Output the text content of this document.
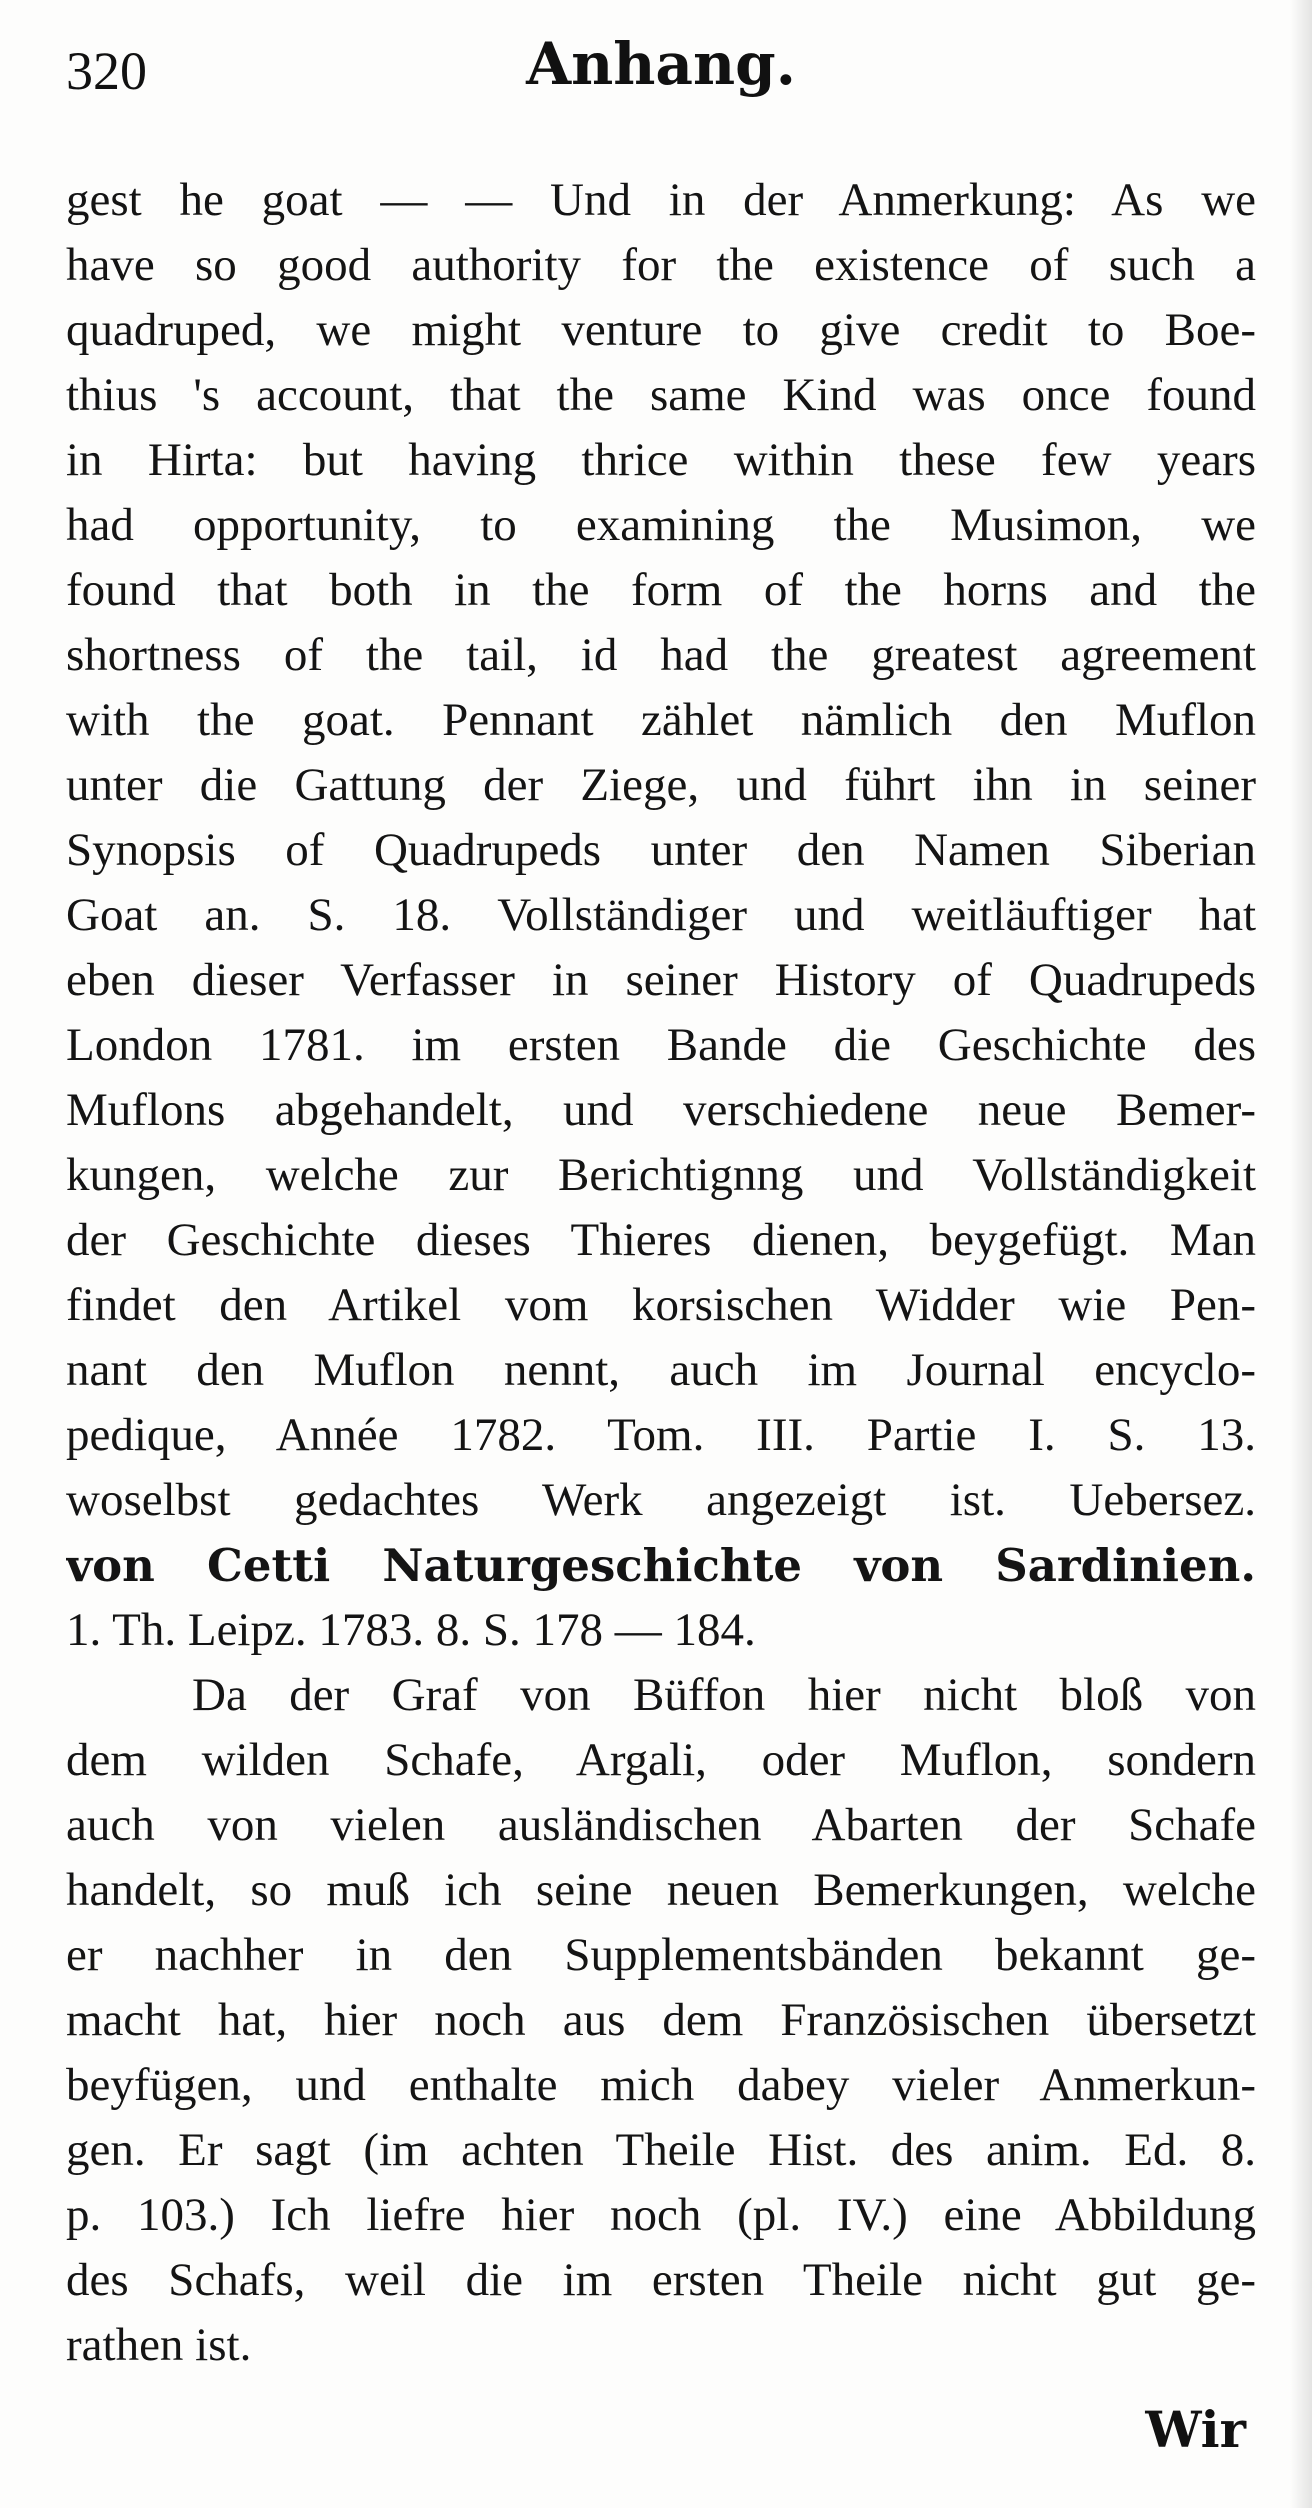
320	Anhang.
gest he goat — — Und in der Anmerkung: As we
have so good authority for the existence of such a
quadruped, we might venture to give credit to Boe-
thius 's account, that the same Kind was once found
in Hirta: but having thrice within these few years
had opportunity, to examining the Musimon, we
found that both in the form of the horns and the
shortness of the tail, id had the greatest agreement
with the goat. Pennant zählet nämlich den Muflon
unter die Gattung der Ziege, und führt ihn in seiner
Synopsis of Quadrupeds unter den Namen Siberian
Goat an. S. 18. Vollständiger und weitläuftiger hat
eben dieser Verfasser in seiner History of Quadrupeds
London 1781. im ersten Bande die Geschichte des
Muflons abgehandelt, und verschiedene neue Bemer-
kungen, welche zur Berichtignng und Vollständigkeit
der Geschichte dieses Thieres dienen, beygefügt. Man
findet den Artikel vom korsischen Widder wie Pen-
nant den Muflon nennt, auch im Journal encyclo-
pedique, Année 1782. Tom. III. Partie I. S. 13.
woselbst gedachtes Werk angezeigt ist. Uebersez.
von Cetti Naturgeschichte von Sardinien.
1. Th. Leipz. 1783. 8. S. 178 — 184.
Da der Graf von Büffon hier nicht bloß von
dem wilden Schafe, Argali, oder Muflon, sondern
auch von vielen ausländischen Abarten der Schafe
handelt, so muß ich seine neuen Bemerkungen, welche
er nachher in den Supplementsbänden bekannt ge-
macht hat, hier noch aus dem Französischen übersetzt
beyfügen, und enthalte mich dabey vieler Anmerkun-
gen. Er sagt (im achten Theile Hist. des anim. Ed. 8.
p. 103.) Ich liefre hier noch (pl. IV.) eine Abbildung
des Schafs, weil die im ersten Theile nicht gut ge-
rathen ist.
Wir
